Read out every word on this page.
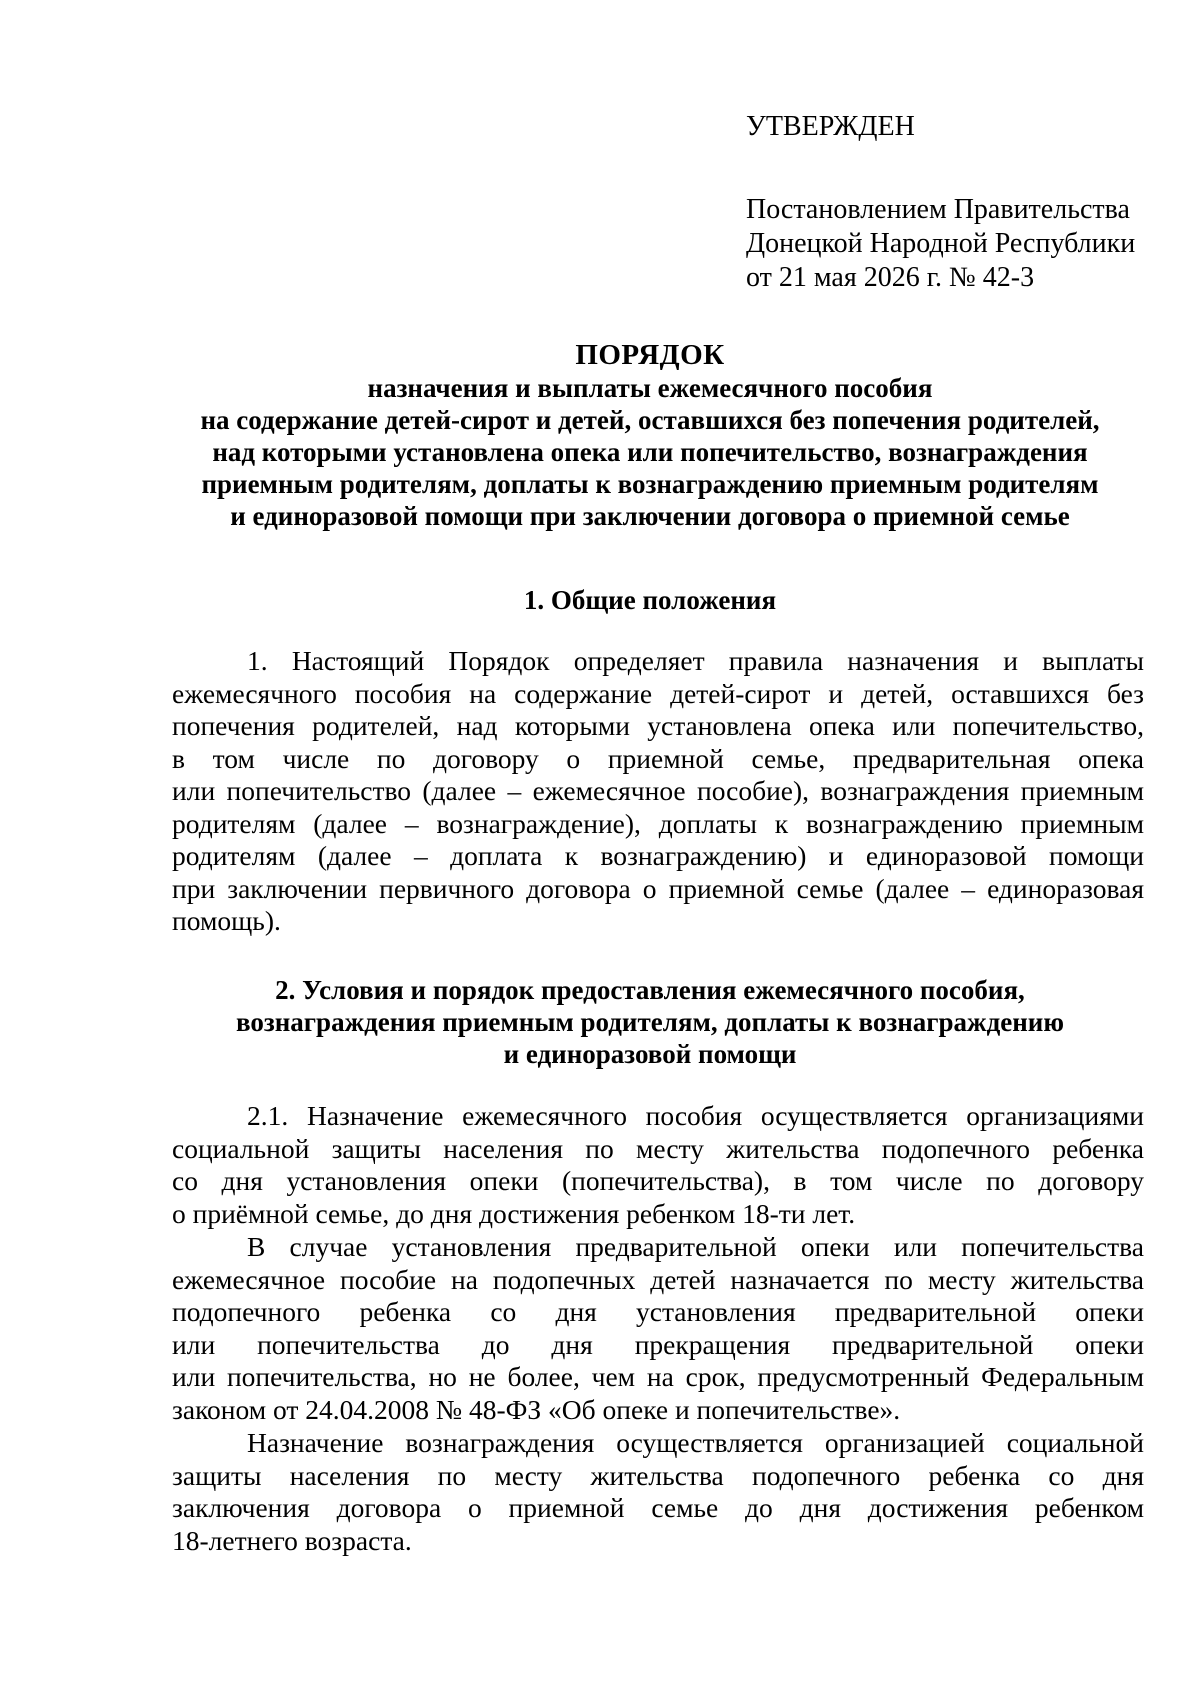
УТВЕРЖДЕН
Постановлением Правительства
Донецкой Народной Республики
от 21 мая 2026 г. № 42-3
ПОРЯДОК
назначения и выплаты ежемесячного пособия
на содержание детей-сирот и детей, оставшихся без попечения родителей,
над которыми установлена опека или попечительство, вознаграждения
приемным родителям, доплаты к вознаграждению приемным родителям
и единоразовой помощи при заключении договора о приемной семье
1. Общие положения
1. Настоящий Порядок определяет правила назначения и выплаты
ежемесячного пособия на содержание детей-сирот и детей, оставшихся без
попечения родителей, над которыми установлена опека или попечительство,
в том числе по договору о приемной семье, предварительная опека
или попечительство (далее – ежемесячное пособие), вознаграждения приемным
родителям (далее – вознаграждение), доплаты к вознаграждению приемным
родителям (далее – доплата к вознаграждению) и единоразовой помощи
при заключении первичного договора о приемной семье (далее – единоразовая
помощь).
2. Условия и порядок предоставления ежемесячного пособия,
вознаграждения приемным родителям, доплаты к вознаграждению
и единоразовой помощи
2.1. Назначение ежемесячного пособия осуществляется организациями
социальной защиты населения по месту жительства подопечного ребенка
со дня установления опеки (попечительства), в том числе по договору
о приёмной семье, до дня достижения ребенком 18-ти лет.
В случае установления предварительной опеки или попечительства
ежемесячное пособие на подопечных детей назначается по месту жительства
подопечного ребенка со дня установления предварительной опеки
или попечительства до дня прекращения предварительной опеки
или попечительства, но не более, чем на срок, предусмотренный Федеральным
законом от 24.04.2008 № 48-ФЗ «Об опеке и попечительстве».
Назначение вознаграждения осуществляется организацией социальной
защиты населения по месту жительства подопечного ребенка со дня
заключения договора о приемной семье до дня достижения ребенком
18-летнего возраста.
